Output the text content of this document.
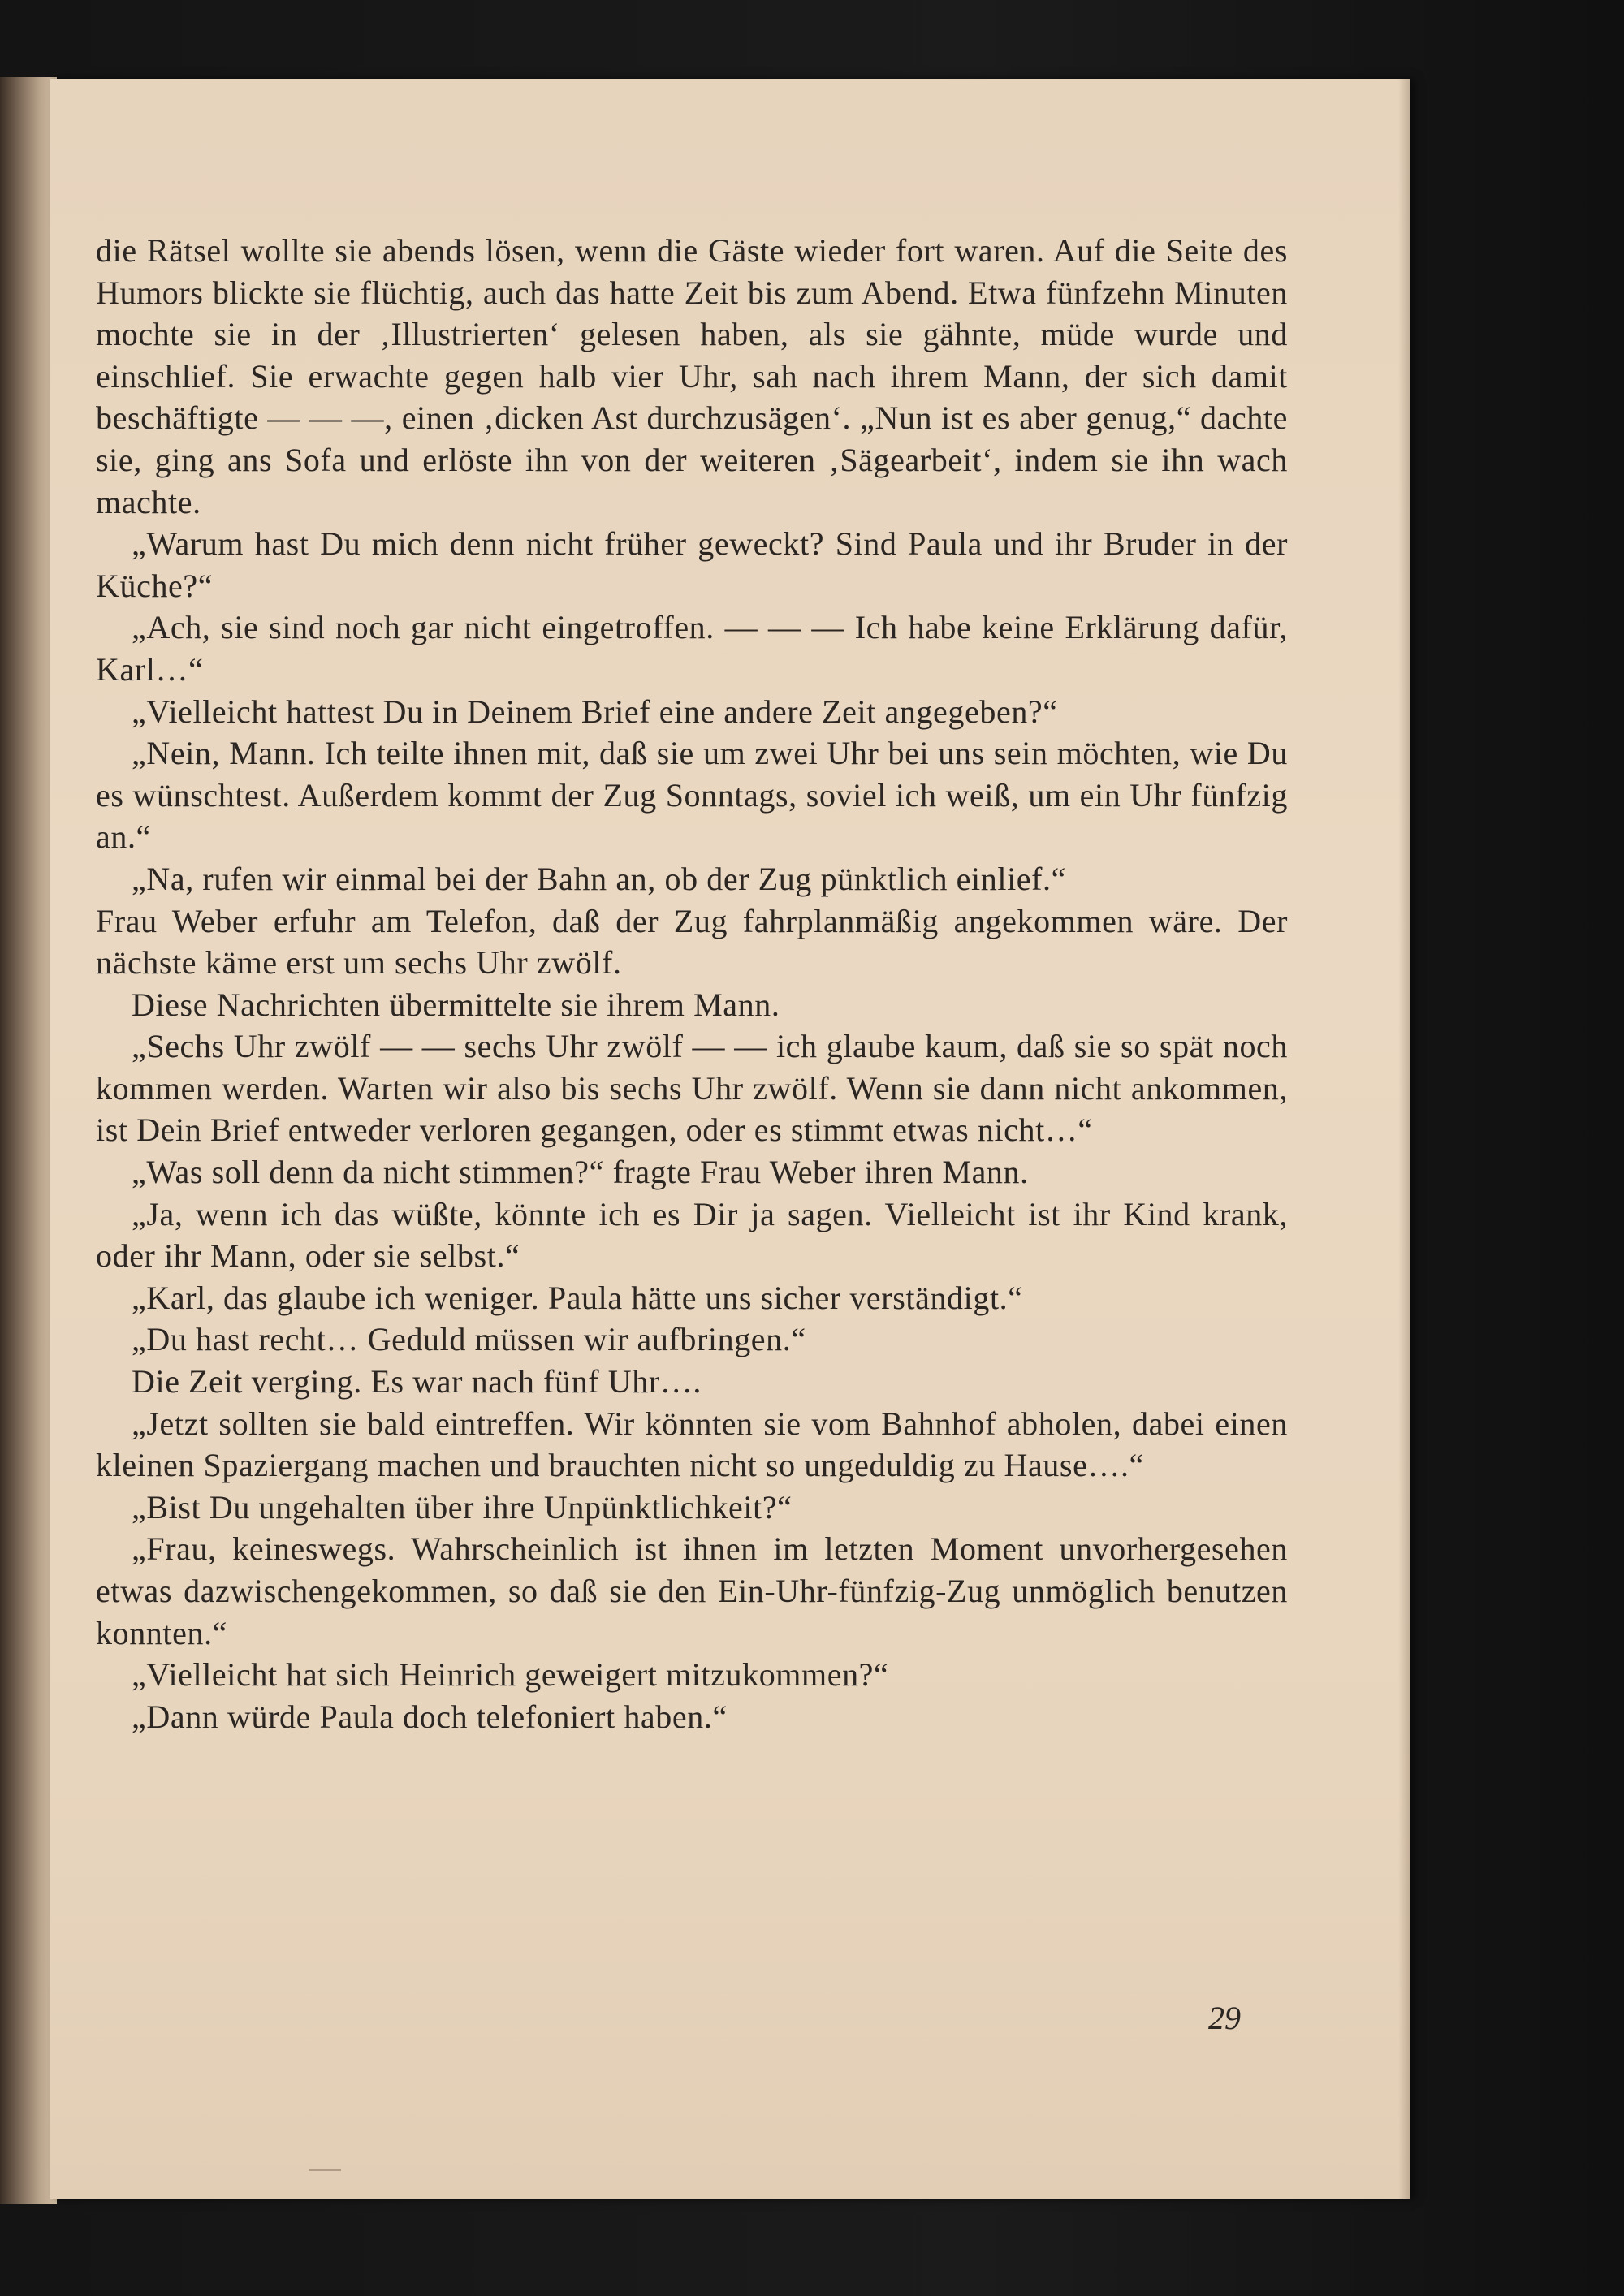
die Rätsel wollte sie abends lösen, wenn die Gäste wieder fort waren. Auf die Seite des Humors blickte sie flüchtig, auch das hatte Zeit bis zum Abend. Etwa fünfzehn Minuten mochte sie in der ‚Illustrierten‘ gelesen haben, als sie gähnte, müde wurde und einschlief. Sie erwachte gegen halb vier Uhr, sah nach ihrem Mann, der sich damit beschäftigte — — —, einen ‚dicken Ast durchzusägen‘. „Nun ist es aber genug,“ dachte sie, ging ans Sofa und erlöste ihn von der weiteren ‚Sägearbeit‘, indem sie ihn wach machte.

„Warum hast Du mich denn nicht früher geweckt? Sind Paula und ihr Bruder in der Küche?“

„Ach, sie sind noch gar nicht eingetroffen. — — — Ich habe keine Erklärung dafür, Karl…“

„Vielleicht hattest Du in Deinem Brief eine andere Zeit angegeben?“

„Nein, Mann. Ich teilte ihnen mit, daß sie um zwei Uhr bei uns sein möchten, wie Du es wünschtest. Außerdem kommt der Zug Sonntags, soviel ich weiß, um ein Uhr fünfzig an.“

„Na, rufen wir einmal bei der Bahn an, ob der Zug pünktlich einlief.“

Frau Weber erfuhr am Telefon, daß der Zug fahrplanmäßig angekommen wäre. Der nächste käme erst um sechs Uhr zwölf.

Diese Nachrichten übermittelte sie ihrem Mann.

„Sechs Uhr zwölf — — sechs Uhr zwölf — — ich glaube kaum, daß sie so spät noch kommen werden. Warten wir also bis sechs Uhr zwölf. Wenn sie dann nicht ankommen, ist Dein Brief entweder verloren gegangen, oder es stimmt etwas nicht…“

„Was soll denn da nicht stimmen?“ fragte Frau Weber ihren Mann.

„Ja, wenn ich das wüßte, könnte ich es Dir ja sagen. Vielleicht ist ihr Kind krank, oder ihr Mann, oder sie selbst.“

„Karl, das glaube ich weniger. Paula hätte uns sicher verständigt.“

„Du hast recht… Geduld müssen wir aufbringen.“

Die Zeit verging. Es war nach fünf Uhr….

„Jetzt sollten sie bald eintreffen. Wir könnten sie vom Bahnhof abholen, dabei einen kleinen Spaziergang machen und brauchten nicht so ungeduldig zu Hause….“

„Bist Du ungehalten über ihre Unpünktlichkeit?“

„Frau, keineswegs. Wahrscheinlich ist ihnen im letzten Moment unvorhergesehen etwas dazwischengekommen, so daß sie den Ein-Uhr-fünfzig-Zug unmöglich benutzen konnten.“

„Vielleicht hat sich Heinrich geweigert mitzukommen?“

„Dann würde Paula doch telefoniert haben.“

29
